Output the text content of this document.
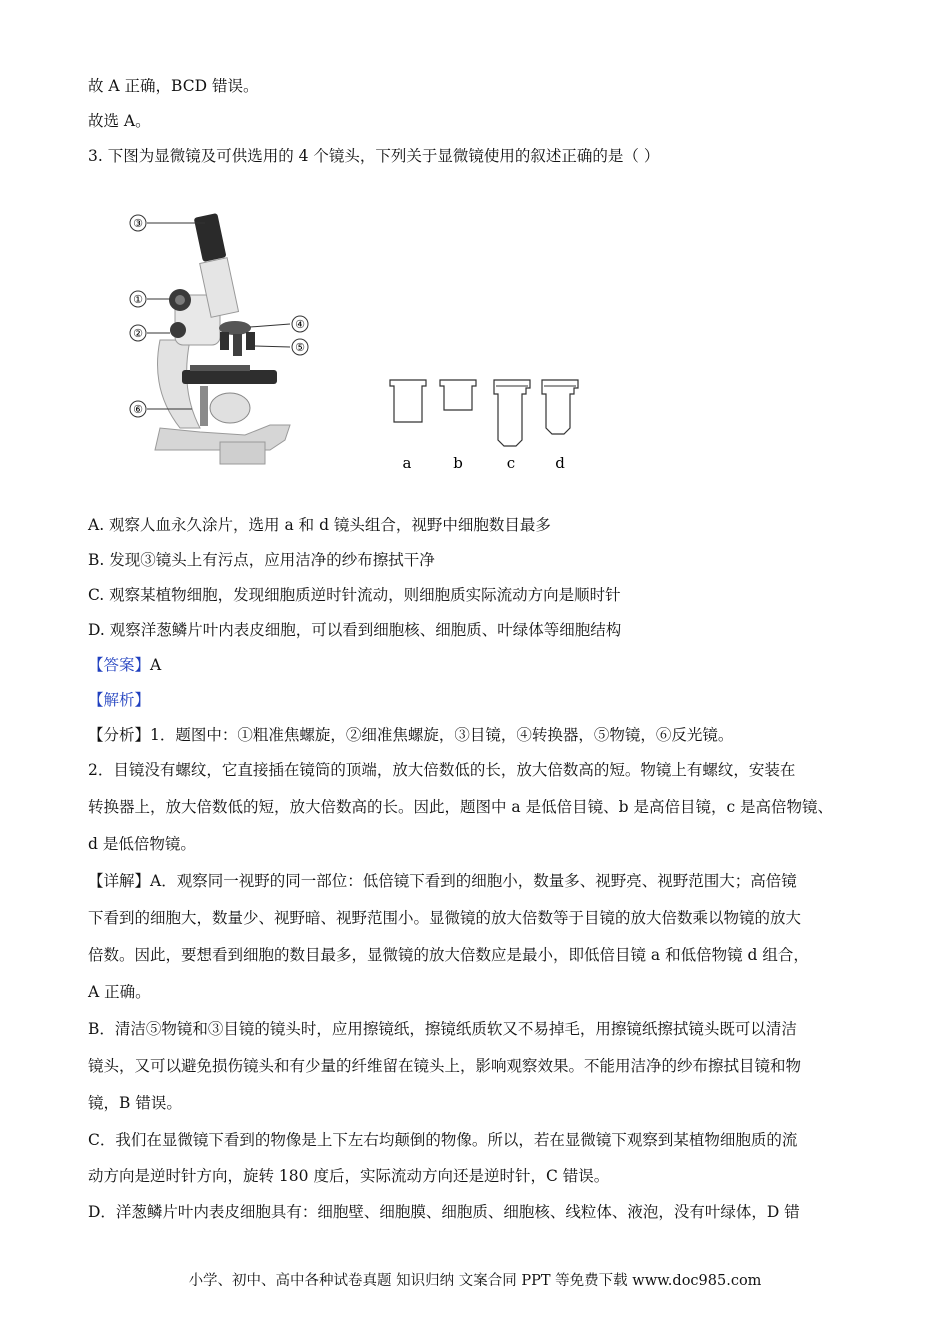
故 A 正确，BCD 错误。
故选 A。
3. 下图为显微镜及可供选用的 4 个镜头，下列关于显微镜使用的叙述正确的是（ ）
③
①
②
④
⑤
⑥
a	b	c	d
A. 观察人血永久涂片，选用 a 和 d 镜头组合，视野中细胞数目最多
B. 发现③镜头上有污点，应用洁净的纱布擦拭干净
C. 观察某植物细胞，发现细胞质逆时针流动，则细胞质实际流动方向是顺时针
D. 观察洋葱鳞片叶内表皮细胞，可以看到细胞核、细胞质、叶绿体等细胞结构
【答案】A
【解析】
【分析】1．题图中：①粗准焦螺旋，②细准焦螺旋，③目镜，④转换器，⑤物镜，⑥反光镜。
2．目镜没有螺纹，它直接插在镜筒的顶端，放大倍数低的长，放大倍数高的短。物镜上有螺纹，安装在
转换器上，放大倍数低的短，放大倍数高的长。因此，题图中 a 是低倍目镜、b 是高倍目镜，c 是高倍物镜、
d 是低倍物镜。
【详解】A．观察同一视野的同一部位：低倍镜下看到的细胞小，数量多、视野亮、视野范围大；高倍镜
下看到的细胞大，数量少、视野暗、视野范围小。显微镜的放大倍数等于目镜的放大倍数乘以物镜的放大
倍数。因此，要想看到细胞的数目最多，显微镜的放大倍数应是最小，即低倍目镜 a 和低倍物镜 d 组合，
A 正确。
B．清洁⑤物镜和③目镜的镜头时，应用擦镜纸，擦镜纸质软又不易掉毛，用擦镜纸擦拭镜头既可以清洁
镜头，又可以避免损伤镜头和有少量的纤维留在镜头上，影响观察效果。不能用洁净的纱布擦拭目镜和物
镜，B 错误。
C．我们在显微镜下看到的物像是上下左右均颠倒的物像。所以，若在显微镜下观察到某植物细胞质的流
动方向是逆时针方向，旋转 180 度后，实际流动方向还是逆时针，C 错误。
D．洋葱鳞片叶内表皮细胞具有：细胞壁、细胞膜、细胞质、细胞核、线粒体、液泡，没有叶绿体，D 错
小学、初中、高中各种试卷真题 知识归纳 文案合同 PPT 等免费下载 www.doc985.com
